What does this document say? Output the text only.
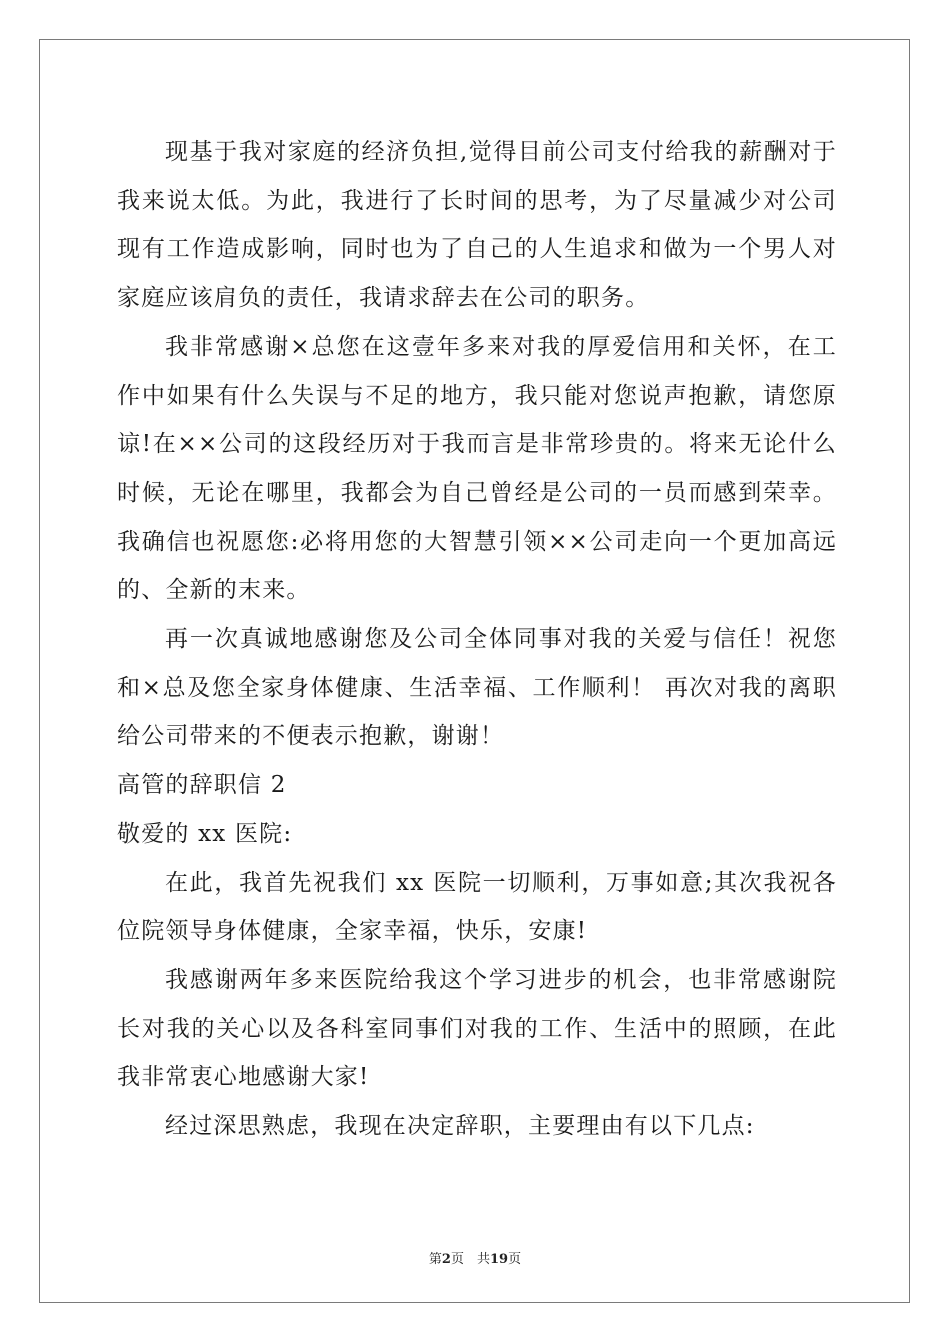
现基于我对家庭的经济负担,觉得目前公司支付给我的薪酬对于我来说太低。为此，我进行了长时间的思考，为了尽量减少对公司现有工作造成影响，同时也为了自己的人生追求和做为一个男人对家庭应该肩负的责任，我请求辞去在公司的职务。

我非常感谢×总您在这壹年多来对我的厚爱信用和关怀，在工作中如果有什么失误与不足的地方，我只能对您说声抱歉，请您原谅!在××公司的这段经历对于我而言是非常珍贵的。将来无论什么时候，无论在哪里，我都会为自己曾经是公司的一员而感到荣幸。我确信也祝愿您:必将用您的大智慧引领××公司走向一个更加高远的、全新的末来。

再一次真诚地感谢您及公司全体同事对我的关爱与信任！祝您和×总及您全家身体健康、生活幸福、工作顺利！ 再次对我的离职给公司带来的不便表示抱歉，谢谢！

高管的辞职信 2

敬爱的 xx 医院:

在此，我首先祝我们 xx 医院一切顺利，万事如意;其次我祝各位院领导身体健康，全家幸福，快乐，安康!

我感谢两年多来医院给我这个学习进步的机会，也非常感谢院长对我的关心以及各科室同事们对我的工作、生活中的照顾，在此我非常衷心地感谢大家!

经过深思熟虑，我现在决定辞职，主要理由有以下几点:

第2页　共19页
